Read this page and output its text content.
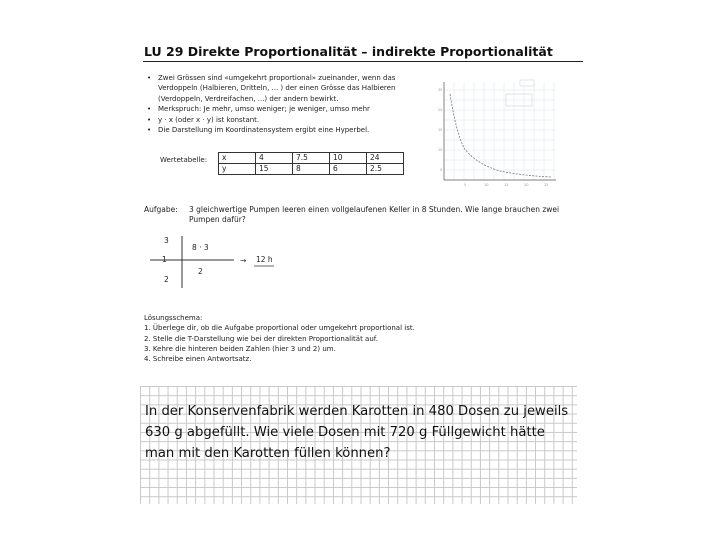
LU 29 Direkte Proportionalität – indirekte Proportionalität
• Zwei Grössen sind «umgekehrt proportional» zueinander, wenn das Verdoppeln (Halbieren, Dritteln, ... ) der einen Grösse das Halbieren (Verdoppeln, Verdreifachen, ...) der andern bewirkt.
• Merkspruch: Je mehr, umso weniger; je weniger, umso mehr
• y · x (oder x · y) ist konstant.
• Die Darstellung im Koordinatensystem ergibt eine Hyperbel.
Wertetabelle: x	4	7.5	10	24
y	15	8	6	2.5
35
25
15
10
5
5	10	15	20	25
Aufgabe: 3 gleichwertige Pumpen leeren einen vollgelaufenen Keller in 8 Stunden. Wie lange brauchen zwei Pumpen dafür?
3
1
2
8 · 3
2
→ 12 h

Lösungsschema:

1. Überlege dir, ob die Aufgabe proportional oder umgekehrt proportional ist.

2. Stelle die T-Darstellung wie bei der direkten Proportionalität auf.

3. Kehre die hinteren beiden Zahlen (hier 3 und 2) um.

4. Schreibe einen Antwortsatz.

In der Konservenfabrik werden Karotten in 480 Dosen zu jeweils 630 g abgefüllt. Wie viele Dosen mit 720 g Füllgewicht hätte man mit den Karotten füllen können?
